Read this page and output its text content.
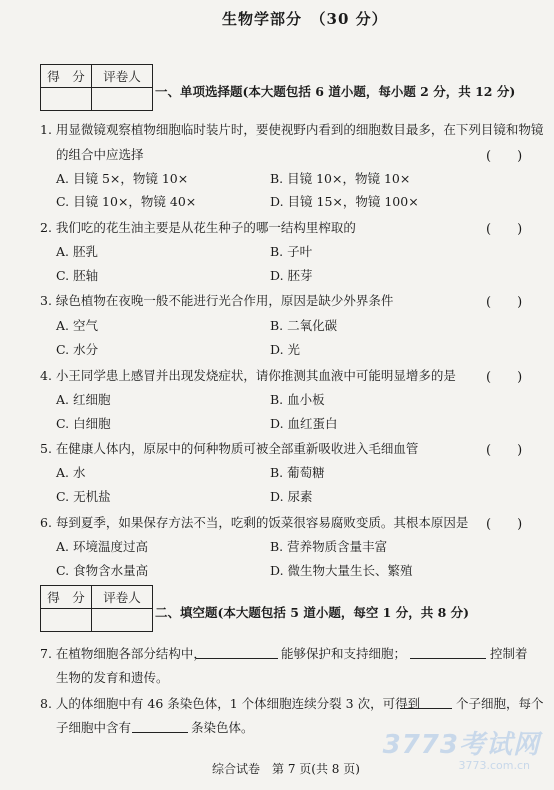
生物学部分　（30 分）
得　分	评卷人

一、单项选择题(本大题包括 6 道小题，每小题 2 分，共 12 分)
1. 用显微镜观察植物细胞临时装片时，要使视野内看到的细胞数目最多，在下列目镜和物镜
的组合中应选择	(　　)
A. 目镜 5×，物镜 10×	B. 目镜 10×，物镜 10×
C. 目镜 10×，物镜 40×	D. 目镜 15×，物镜 100×
2. 我们吃的花生油主要是从花生种子的哪一结构里榨取的	(　　)
A. 胚乳	B. 子叶
C. 胚轴	D. 胚芽
3. 绿色植物在夜晚一般不能进行光合作用，原因是缺少外界条件	(　　)
A. 空气	B. 二氧化碳
C. 水分	D. 光
4. 小王同学患上感冒并出现发烧症状，请你推测其血液中可能明显增多的是 (　　)
A. 红细胞	B. 血小板
C. 白细胞	D. 血红蛋白
5. 在健康人体内，原尿中的何种物质可被全部重新吸收进入毛细血管	(　　)
A. 水	B. 葡萄糖
C. 无机盐	D. 尿素
6. 每到夏季，如果保存方法不当，吃剩的饭菜很容易腐败变质。其根本原因是 (　　)
A. 环境温度过高	B. 营养物质含量丰富
C. 食物含水量高	D. 微生物大量生长、繁殖
得　分	评卷人

二、填空题(本大题包括 5 道小题，每空 1 分，共 8 分)
7. 在植物细胞各部分结构中，	能够保护和支持细胞；	控制着
生物的发育和遗传。
8. 人的体细胞中有 46 条染色体，1 个体细胞连续分裂 3 次，可得到	个子细胞，每个
子细胞中含有	条染色体。
综合试卷　第 7 页(共 8 页)
3773考试网
3773.com.cn
